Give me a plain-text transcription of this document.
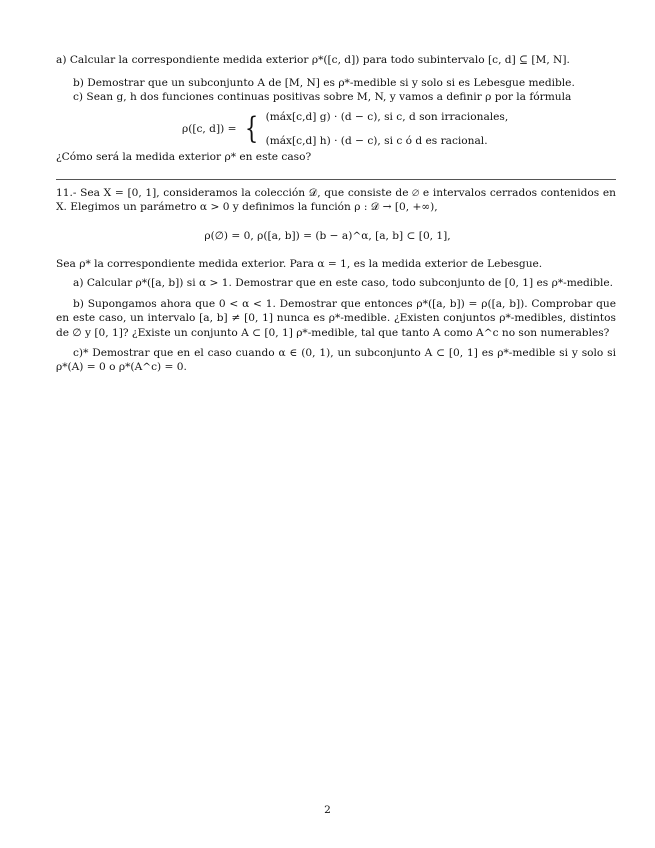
a) Calcular la correspondiente medida exterior ρ*([c, d]) para todo subintervalo [c, d] ⊆ [M, N].
b) Demostrar que un subconjunto A de [M, N] es ρ*-medible si y solo si es Lebesgue medible.
c) Sean g, h dos funciones continuas positivas sobre M, N, y vamos a definir ρ por la fórmula
ρ([c, d]) = { (máx[c,d] g) · (d − c), si c, d son irracionales,
(máx[c,d] h) · (d − c), si c ó d es racional.
¿Cómo será la medida exterior ρ* en este caso?
11.- Sea X = [0, 1], consideramos la colección 𝒟, que consiste de ∅ e intervalos cerrados contenidos en X. Elegimos un parámetro α > 0 y definimos la función ρ : 𝒟 → [0, +∞),
ρ(∅) = 0, ρ([a, b]) = (b − a)^α, [a, b] ⊂ [0, 1],
Sea ρ* la correspondiente medida exterior. Para α = 1, es la medida exterior de Lebesgue.
a) Calcular ρ*([a, b]) si α > 1. Demostrar que en este caso, todo subconjunto de [0, 1] es ρ*-medible.
b) Supongamos ahora que 0 < α < 1. Demostrar que entonces ρ*([a, b]) = ρ([a, b]). Comprobar que en este caso, un intervalo [a, b] ≠ [0, 1] nunca es ρ*-medible. ¿Existen conjuntos ρ*-medibles, distintos de ∅ y [0, 1]? ¿Existe un conjunto A ⊂ [0, 1] ρ*-medible, tal que tanto A como A^c no son numerables?
c)* Demostrar que en el caso cuando α ∈ (0, 1), un subconjunto A ⊂ [0, 1] es ρ*-medible si y solo si ρ*(A) = 0 o ρ*(A^c) = 0.
2
